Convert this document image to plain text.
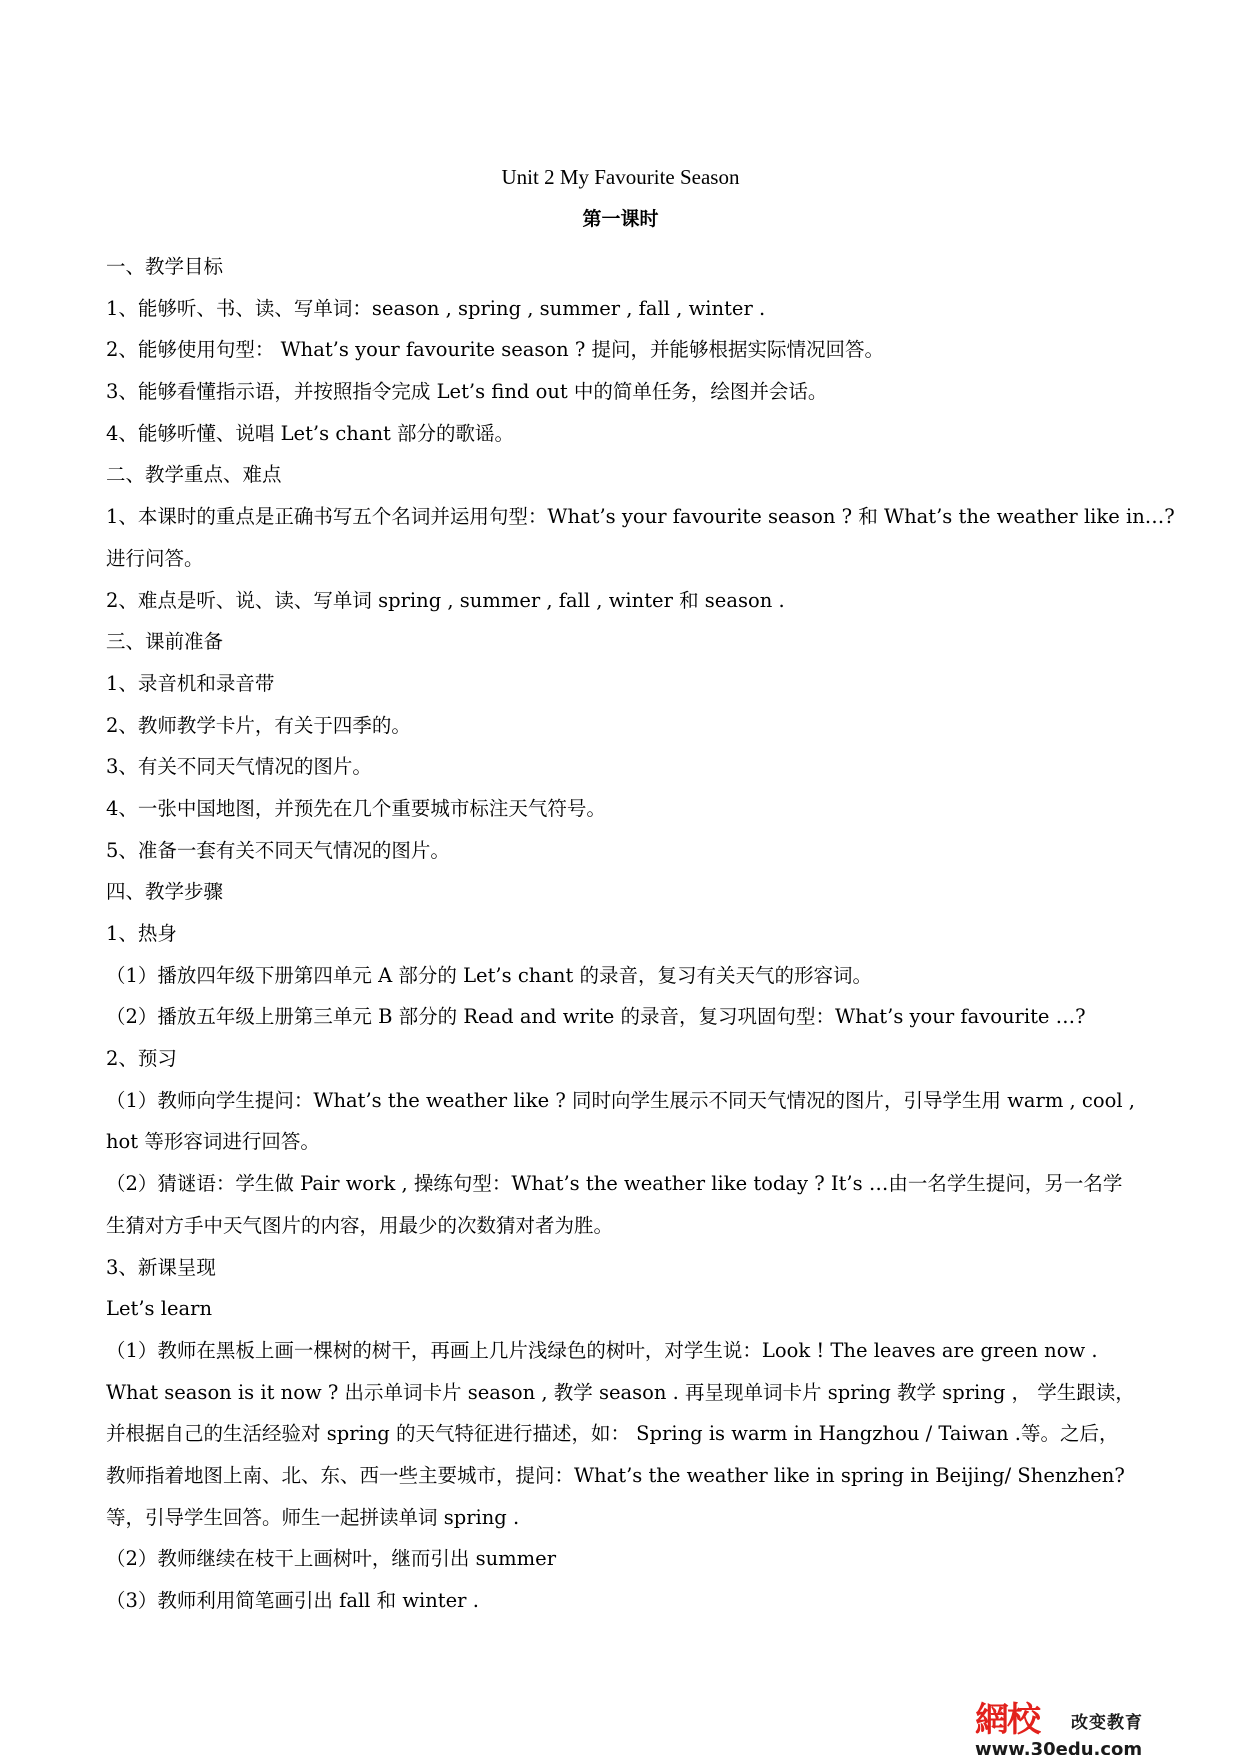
Unit 2 My Favourite Season
第一课时
一、教学目标
1、能够听、书、读、写单词：season , spring , summer , fall , winter .
2、能够使用句型： What’s your favourite season ? 提问，并能够根据实际情况回答。
3、能够看懂指示语，并按照指令完成 Let’s find out 中的简单任务，绘图并会话。
4、能够听懂、说唱 Let’s chant 部分的歌谣。
二、教学重点、难点
1、本课时的重点是正确书写五个名词并运用句型：What’s your favourite season ? 和 What’s the weather like in…?
进行问答。
2、难点是听、说、读、写单词 spring , summer , fall , winter 和 season .
三、课前准备
1、录音机和录音带
2、教师教学卡片，有关于四季的。
3、有关不同天气情况的图片。
4、一张中国地图，并预先在几个重要城市标注天气符号。
5、准备一套有关不同天气情况的图片。
四、教学步骤
1、热身
（1）播放四年级下册第四单元 A 部分的 Let’s chant 的录音，复习有关天气的形容词。
（2）播放五年级上册第三单元 B 部分的 Read and write 的录音，复习巩固句型：What’s your favourite …?
2、预习
（1）教师向学生提问：What’s the weather like ? 同时向学生展示不同天气情况的图片，引导学生用 warm , cool ,
hot 等形容词进行回答。
（2）猜谜语：学生做 Pair work , 操练句型：What’s the weather like today ? It’s …由一名学生提问，另一名学
生猜对方手中天气图片的内容，用最少的次数猜对者为胜。
3、新课呈现
Let’s learn
（1）教师在黑板上画一棵树的树干，再画上几片浅绿色的树叶，对学生说：Look ! The leaves are green now .
What season is it now ? 出示单词卡片 season , 教学 season . 再呈现单词卡片 spring 教学 spring ， 学生跟读，
并根据自己的生活经验对 spring 的天气特征进行描述，如： Spring is warm in Hangzhou / Taiwan .等。之后，
教师指着地图上南、北、东、西一些主要城市，提问：What’s the weather like in spring in Beijing/ Shenzhen?
等，引导学生回答。师生一起拼读单词 spring .
（2）教师继续在枝干上画树叶，继而引出 summer
（3）教师利用简笔画引出 fall 和 winter .
網校 改变教育
www.30edu.com
